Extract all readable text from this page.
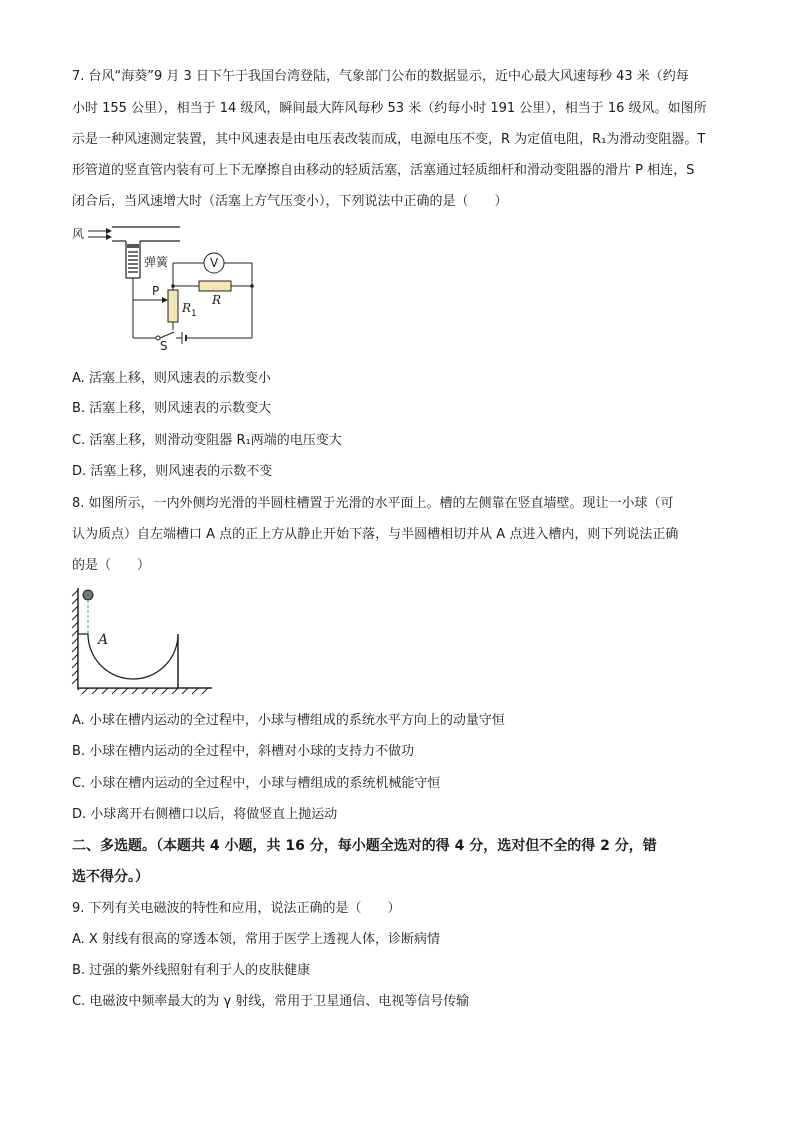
7. 台风“海葵”9 月 3 日下午于我国台湾登陆，气象部门公布的数据显示，近中心最大风速每秒 43 米（约每
小时 155 公里），相当于 14 级风，瞬间最大阵风每秒 53 米（约每小时 191 公里），相当于 16 级风。如图所
示是一种风速测定装置，其中风速表是由电压表改装而成，电源电压不变，R 为定值电阻，R₁为滑动变阻器。T
形管道的竖直管内装有可上下无摩擦自由移动的轻质活塞，活塞通过轻质细杆和滑动变阻器的滑片 P 相连，S
闭合后，当风速增大时（活塞上方气压变小），下列说法中正确的是（　　）
风
弹簧
P
R 1
V
R
S
A. 活塞上移，则风速表的示数变小
B. 活塞上移，则风速表的示数变大
C. 活塞上移，则滑动变阻器 R₁两端的电压变大
D. 活塞上移，则风速表的示数不变
8. 如图所示，一内外侧均光滑的半圆柱槽置于光滑的水平面上。槽的左侧靠在竖直墙壁。现让一小球（可
认为质点）自左端槽口 A 点的正上方从静止开始下落，与半圆槽相切并从 A 点进入槽内，则下列说法正确
的是（　　）
A
A. 小球在槽内运动的全过程中，小球与槽组成的系统水平方向上的动量守恒
B. 小球在槽内运动的全过程中，斜槽对小球的支持力不做功
C. 小球在槽内运动的全过程中，小球与槽组成的系统机械能守恒
D. 小球离开右侧槽口以后，将做竖直上抛运动
二、多选题。（本题共 4 小题，共 16 分，每小题全选对的得 4 分，选对但不全的得 2 分，错
选不得分。）
9. 下列有关电磁波的特性和应用，说法正确的是（　　）
A. X 射线有很高的穿透本领，常用于医学上透视人体，诊断病情
B. 过强的紫外线照射有利于人的皮肤健康
C. 电磁波中频率最大的为 γ 射线，常用于卫星通信、电视等信号传输
